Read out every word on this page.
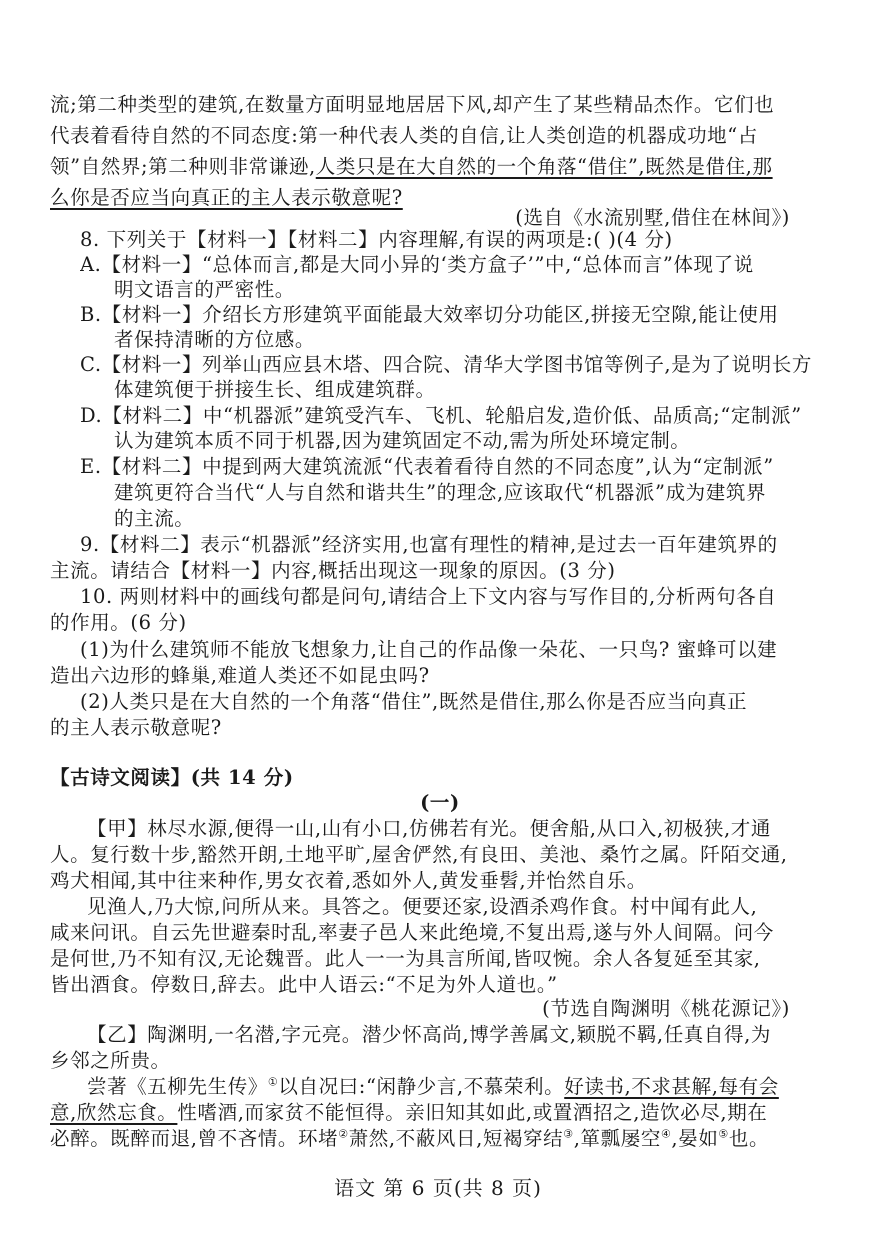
流;第二种类型的建筑,在数量方面明显地居居下风,却产生了某些精品杰作。它们也
代表着看待自然的不同态度:第一种代表人类的自信,让人类创造的机器成功地“占
领”自然界;第二种则非常谦逊,人类只是在大自然的一个角落“借住”,既然是借住,那
么你是否应当向真正的主人表示敬意呢?
(选自《水流别墅,借住在林间》)
8. 下列关于【材料一】【材料二】内容理解,有误的两项是:( )(4 分)
A.【材料一】“总体而言,都是大同小异的‘类方盒子’”中,“总体而言”体现了说
明文语言的严密性。
B.【材料一】介绍长方形建筑平面能最大效率切分功能区,拼接无空隙,能让使用
者保持清晰的方位感。
C.【材料一】列举山西应县木塔、四合院、清华大学图书馆等例子,是为了说明长方
体建筑便于拼接生长、组成建筑群。
D.【材料二】中“机器派”建筑受汽车、飞机、轮船启发,造价低、品质高;“定制派”
认为建筑本质不同于机器,因为建筑固定不动,需为所处环境定制。
E.【材料二】中提到两大建筑流派“代表着看待自然的不同态度”,认为“定制派”
建筑更符合当代“人与自然和谐共生”的理念,应该取代“机器派”成为建筑界
的主流。
9.【材料二】表示“机器派”经济实用,也富有理性的精神,是过去一百年建筑界的
主流。请结合【材料一】内容,概括出现这一现象的原因。(3 分)
10. 两则材料中的画线句都是问句,请结合上下文内容与写作目的,分析两句各自
的作用。(6 分)
(1)为什么建筑师不能放飞想象力,让自己的作品像一朵花、一只鸟? 蜜蜂可以建
造出六边形的蜂巢,难道人类还不如昆虫吗?
(2)人类只是在大自然的一个角落“借住”,既然是借住,那么你是否应当向真正
的主人表示敬意呢?
【古诗文阅读】(共 14 分)
(一)
【甲】林尽水源,便得一山,山有小口,仿佛若有光。便舍船,从口入,初极狭,才通
人。复行数十步,豁然开朗,土地平旷,屋舍俨然,有良田、美池、桑竹之属。阡陌交通,
鸡犬相闻,其中往来种作,男女衣着,悉如外人,黄发垂髫,并怡然自乐。
见渔人,乃大惊,问所从来。具答之。便要还家,设酒杀鸡作食。村中闻有此人,
咸来问讯。自云先世避秦时乱,率妻子邑人来此绝境,不复出焉,遂与外人间隔。问今
是何世,乃不知有汉,无论魏晋。此人一一为具言所闻,皆叹惋。余人各复延至其家,
皆出酒食。停数日,辞去。此中人语云:“不足为外人道也。”
(节选自陶渊明《桃花源记》)
【乙】陶渊明,一名潜,字元亮。潜少怀高尚,博学善属文,颖脱不羁,任真自得,为
乡邻之所贵。
尝著《五柳先生传》①以自况曰:“闲静少言,不慕荣利。好读书,不求甚解,每有会
意,欣然忘食。性嗜酒,而家贫不能恒得。亲旧知其如此,或置酒招之,造饮必尽,期在
必醉。既醉而退,曾不吝情。环堵②萧然,不蔽风日,短褐穿结③,箪瓢屡空④,晏如⑤也。
语文 第 6 页(共 8 页)
